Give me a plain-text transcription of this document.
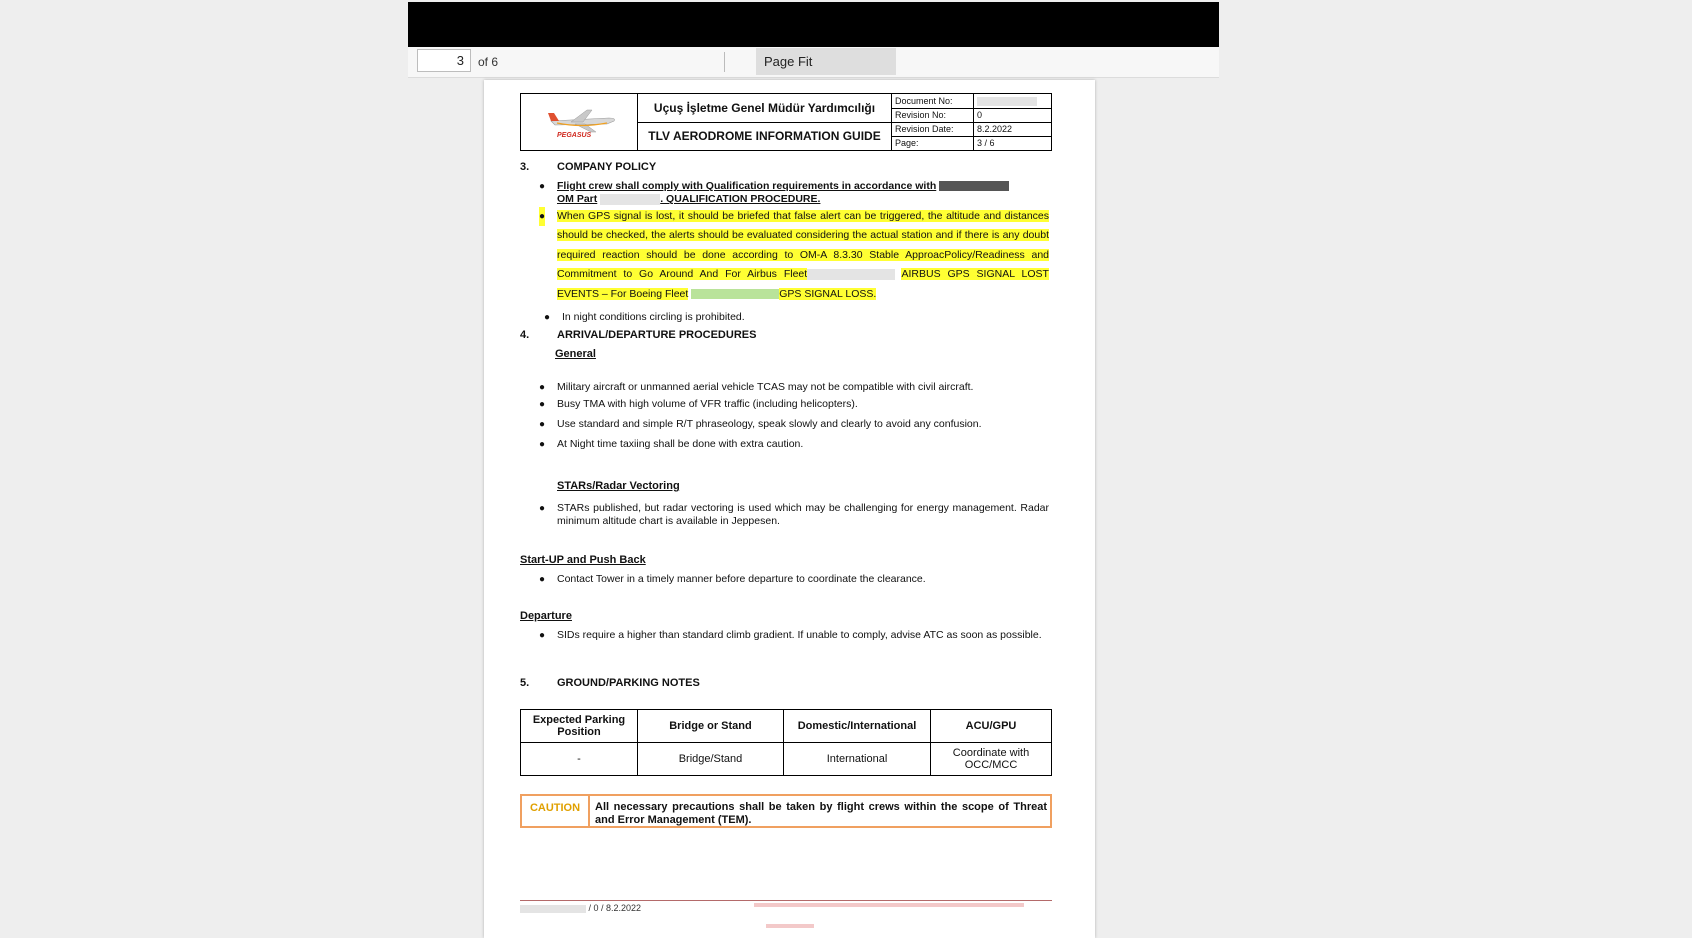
3
of 6	Page Fit
PEGASUS
Uçuş İşletme Genel Müdür Yardımcılığı
TLV AERODROME INFORMATION GUIDE
Document No:
Revision No:	0
Revision Date:	8.2.2022
Page:	3 / 6
3.	COMPANY POLICY
● Flight crew shall comply with Qualification requirements in accordance with
OM Part	. QUALIFICATION PROCEDURE.
● When GPS signal is lost, it should be briefed that false alert can be triggered, the altitude and distances should be checked, the alerts should be evaluated considering the actual station and if there is any doubt required reaction should be done according to OM-A 8.3.30 Stable ApproacPolicy/Readiness and Commitment to Go Around And For Airbus Fleet	AIRBUS GPS SIGNAL LOST EVENTS – For Boeing Fleet	GPS SIGNAL LOSS.
● In night conditions circling is prohibited.
4.	ARRIVAL/DEPARTURE PROCEDURES
General
● Military aircraft or unmanned aerial vehicle TCAS may not be compatible with civil aircraft.
● Busy TMA with high volume of VFR traffic (including helicopters).
● Use standard and simple R/T phraseology, speak slowly and clearly to avoid any confusion.
● At Night time taxiing shall be done with extra caution.
STARs/Radar Vectoring
● STARs published, but radar vectoring is used which may be challenging for energy management. Radar minimum altitude chart is available in Jeppesen.
Start-UP and Push Back
● Contact Tower in a timely manner before departure to coordinate the clearance.
Departure
● SIDs require a higher than standard climb gradient. If unable to comply, advise ATC as soon as possible.
5.	GROUND/PARKING NOTES
Expected Parking Position	Bridge or Stand	Domestic/International	ACU/GPU
-	Bridge/Stand	International	Coordinate with OCC/MCC
CAUTION	All necessary precautions shall be taken by flight crews within the scope of Threat and Error Management (TEM).
/ 0 / 8.2.2022
